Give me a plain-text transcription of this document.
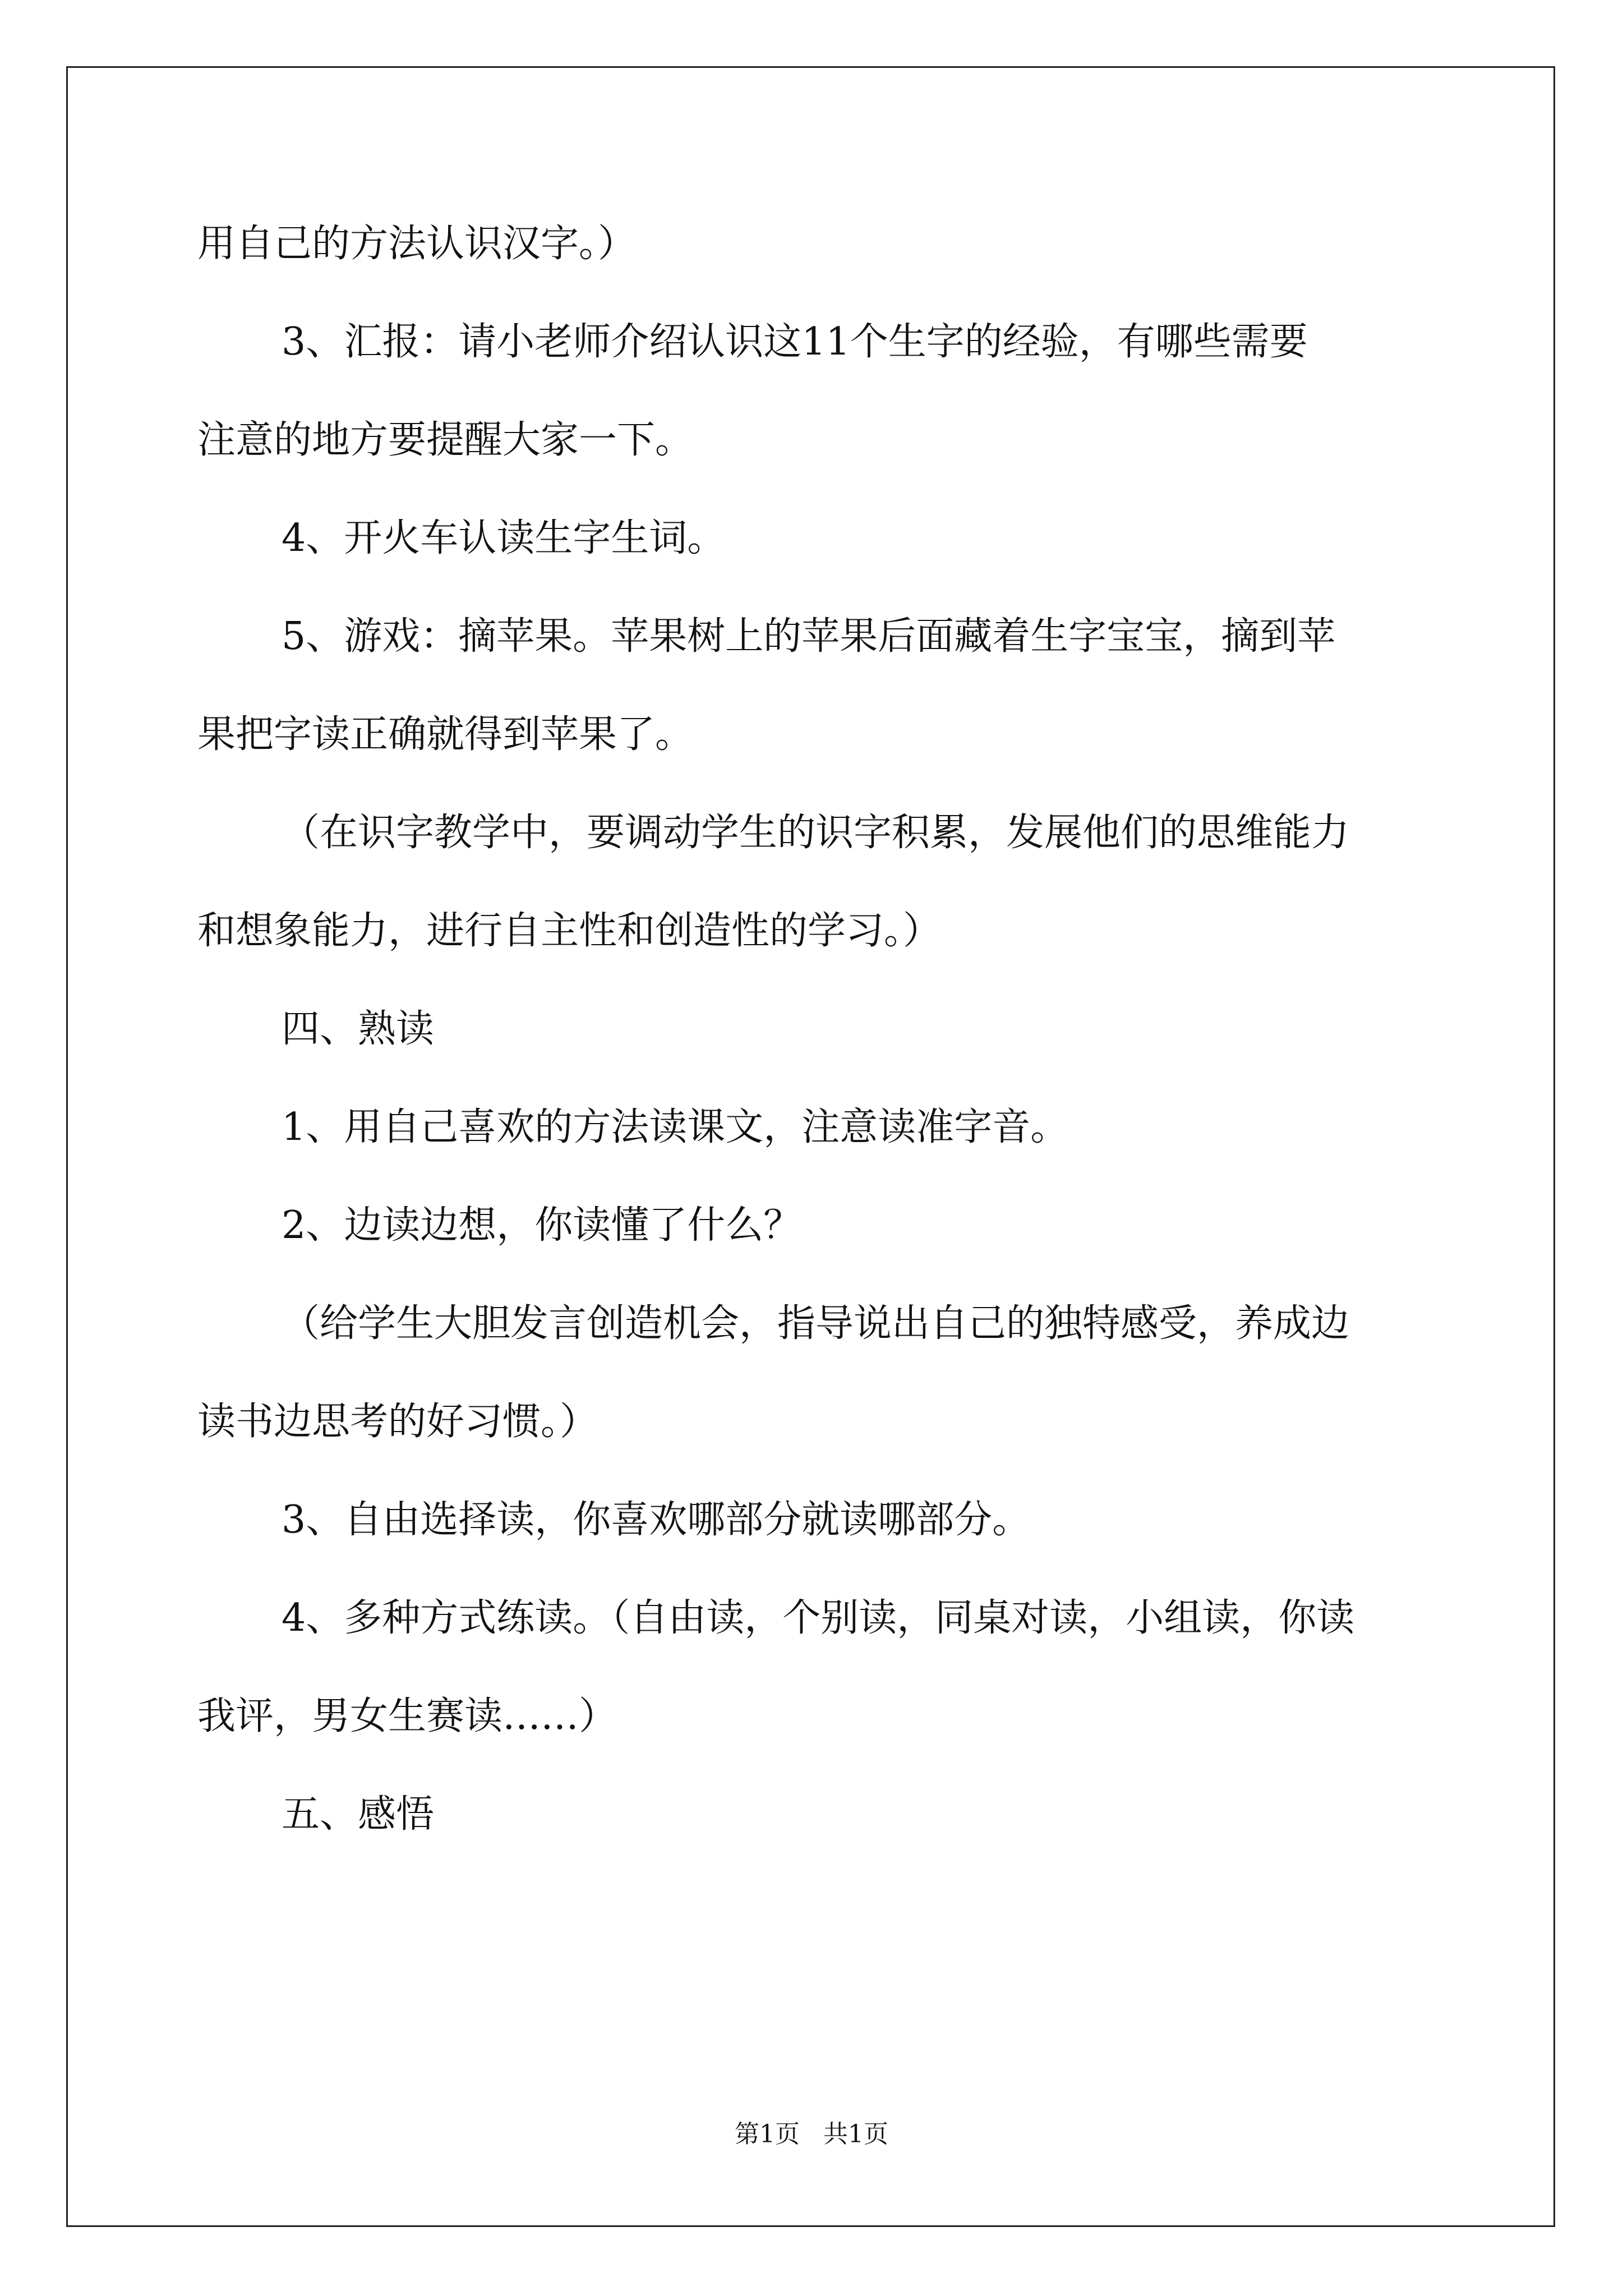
用自己的方法认识汉字。）
3、汇报：请小老师介绍认识这11个生字的经验，有哪些需要
注意的地方要提醒大家一下。
4、开火车认读生字生词。
5、游戏：摘苹果。苹果树上的苹果后面藏着生字宝宝，摘到苹
果把字读正确就得到苹果了。
（在识字教学中，要调动学生的识字积累，发展他们的思维能力
和想象能力，进行自主性和创造性的学习。）
四、熟读
1、用自己喜欢的方法读课文，注意读准字音。
2、边读边想，你读懂了什么？
（给学生大胆发言创造机会，指导说出自己的独特感受，养成边
读书边思考的好习惯。）
3、自由选择读，你喜欢哪部分就读哪部分。
4、多种方式练读。（自由读，个别读，同桌对读，小组读，你读
我评，男女生赛读……）
五、感悟
第1页   共1页
